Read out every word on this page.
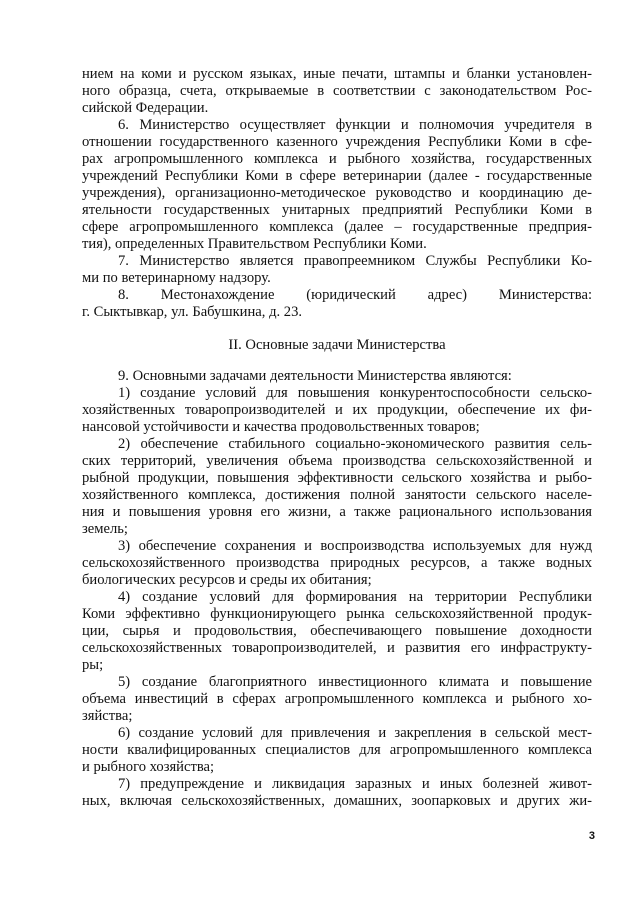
нием на коми и русском языках, иные печати, штампы и бланки установлен-
ного образца, счета, открываемые в соответствии с законодательством Рос-
сийской Федерации.
6. Министерство осуществляет функции и полномочия учредителя в
отношении государственного казенного учреждения Республики Коми в сфе-
рах агропромышленного комплекса и рыбного хозяйства, государственных
учреждений Республики Коми в сфере ветеринарии (далее - государственные
учреждения), организационно-методическое руководство и координацию де-
ятельности государственных унитарных предприятий Республики Коми в
сфере агропромышленного комплекса (далее – государственные предприя-
тия), определенных Правительством Республики Коми.
7. Министерство является правопреемником Службы Республики Ко-
ми по ветеринарному надзору.
8. Местонахождение (юридический адрес) Министерства:
г. Сыктывкар, ул. Бабушкина, д. 23.
II. Основные задачи Министерства
9. Основными задачами деятельности Министерства являются:
1) создание условий для повышения конкурентоспособности сельско-
хозяйственных товаропроизводителей и их продукции, обеспечение их фи-
нансовой устойчивости и качества продовольственных товаров;
2) обеспечение стабильного социально-экономического развития сель-
ских территорий, увеличения объема производства сельскохозяйственной и
рыбной продукции, повышения эффективности сельского хозяйства и рыбо-
хозяйственного комплекса, достижения полной занятости сельского населе-
ния и повышения уровня его жизни, а также рационального использования
земель;
3) обеспечение сохранения и воспроизводства используемых для нужд
сельскохозяйственного производства природных ресурсов, а также водных
биологических ресурсов и среды их обитания;
4) создание условий для формирования на территории Республики
Коми эффективно функционирующего рынка сельскохозяйственной продук-
ции, сырья и продовольствия, обеспечивающего повышение доходности
сельскохозяйственных товаропроизводителей, и развития его инфраструкту-
ры;
5) создание благоприятного инвестиционного климата и повышение
объема инвестиций в сферах агропромышленного комплекса и рыбного хо-
зяйства;
6) создание условий для привлечения и закрепления в сельской мест-
ности квалифицированных специалистов для агропромышленного комплекса
и рыбного хозяйства;
7) предупреждение и ликвидация заразных и иных болезней живот-
ных, включая сельскохозяйственных, домашних, зоопарковых и других жи-
3
